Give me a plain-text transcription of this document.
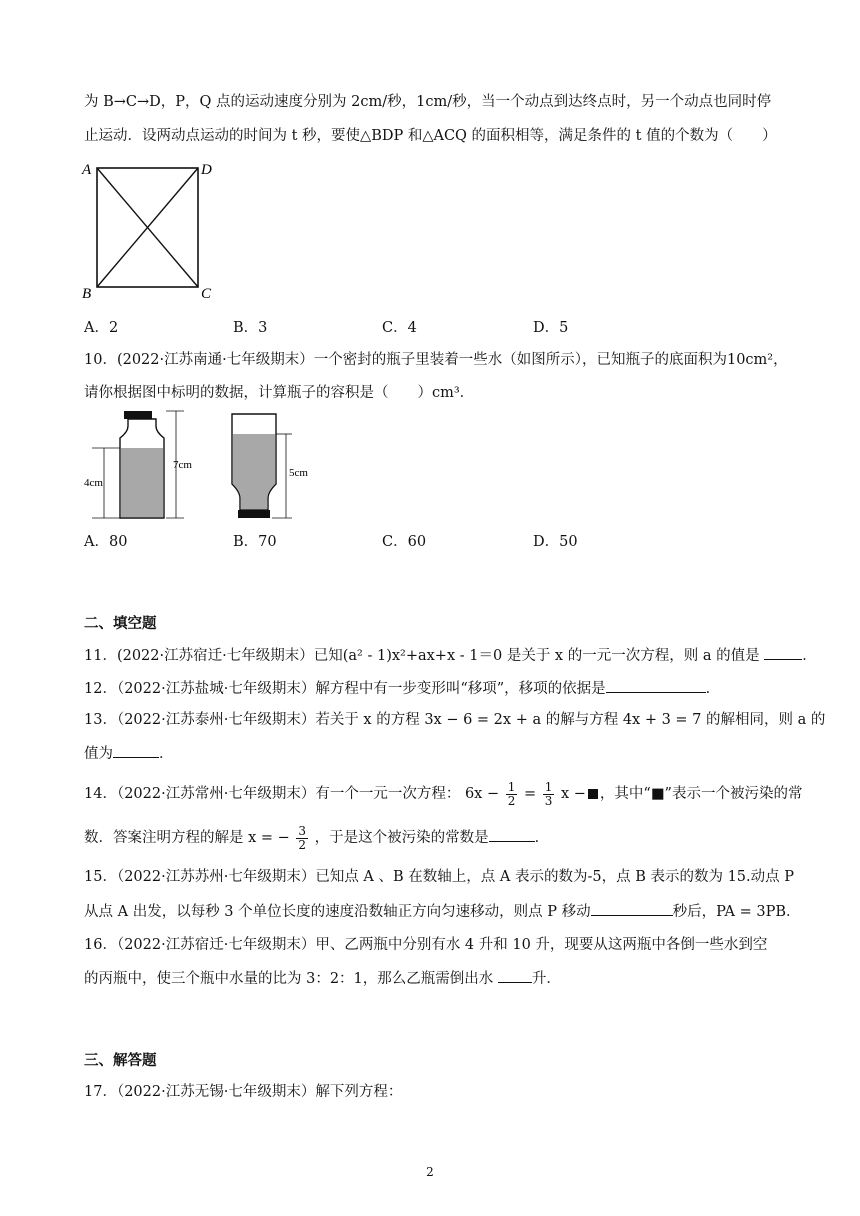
为 B→C→D，P，Q 点的运动速度分别为 2cm/秒，1cm/秒，当一个动点到达终点时，另一个动点也同时停
止运动．设两动点运动的时间为 t 秒，要使△BDP 和△ACQ 的面积相等，满足条件的 t 值的个数为（　　）
A	D
B	C
A．2	B．3	C．4	D．5
10．(2022·江苏南通·七年级期末）一个密封的瓶子里装着一些水（如图所示），已知瓶子的底面积为10cm²，
请你根据图中标明的数据，计算瓶子的容积是（　　）cm³．
4cm
7cm
5cm
A．80	B．70	C．60	D．50
二、填空题
11．(2022·江苏宿迁·七年级期末）已知(a² - 1)x²+ax+x - 1＝0 是关于 x 的一元一次方程，则 a 的值是	．
12．（2022·江苏盐城·七年级期末）解方程中有一步变形叫“移项”，移项的依据是	．
13．（2022·江苏泰州·七年级期末）若关于 x 的方程 3x − 6 = 2x + a 的解与方程 4x + 3 = 7 的解相同，则 a 的
值为	．
14．（2022·江苏常州·七年级期末）有一个一元一次方程： $6x - \frac{1}{2} = \frac{1}{3}$ x − ，其中“■”表示一个被污染的常
数．答案注明方程的解是 x = − $\frac{3}{2}$ ，于是这个被污染的常数是	．
15．（2022·江苏苏州·七年级期末）已知点 A 、B 在数轴上，点 A 表示的数为-5，点 B 表示的数为 15.动点 P
从点 A 出发，以每秒 3 个单位长度的速度沿数轴正方向匀速移动，则点 P 移动	秒后，PA = 3PB．
16．（2022·江苏宿迁·七年级期末）甲、乙两瓶中分别有水 4 升和 10 升，现要从这两瓶中各倒一些水到空
的丙瓶中，使三个瓶中水量的比为 3：2：1，那么乙瓶需倒出水	升．
三、解答题
17．（2022·江苏无锡·七年级期末）解下列方程：
2
